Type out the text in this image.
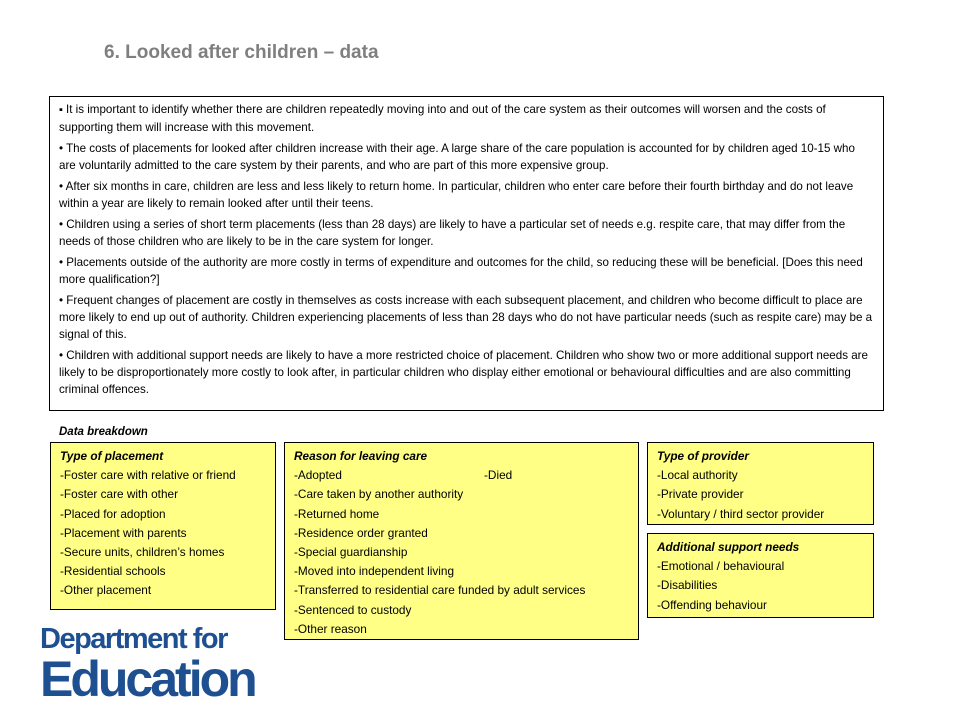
6. Looked after children – data

▪ It is important to identify whether there are children repeatedly moving into and out of the care system as their outcomes will worsen and the costs of supporting them will increase with this movement.

• The costs of placements for looked after children increase with their age. A large share of the care population is accounted for by children aged 10-15 who are voluntarily admitted to the care system by their parents, and who are part of this more expensive group.

• After six months in care, children are less and less likely to return home. In particular, children who enter care before their fourth birthday and do not leave within a year are likely to remain looked after until their teens.

• Children using a series of short term placements (less than 28 days) are likely to have a particular set of needs e.g. respite care, that may differ from the needs of those children who are likely to be in the care system for longer.

• Placements outside of the authority are more costly in terms of expenditure and outcomes for the child, so reducing these will be beneficial. [Does this need more qualification?]

• Frequent changes of placement are costly in themselves as costs increase with each subsequent placement, and children who become difficult to place are more likely to end up out of authority. Children experiencing placements of less than 28 days who do not have particular needs (such as respite care) may be a signal of this.

• Children with additional support needs are likely to have a more restricted choice of placement. Children who show two or more additional support needs are likely to be disproportionately more costly to look after, in particular children who display either emotional or behavioural difficulties and are also committing criminal offences.

Data breakdown
Type of placement
-Foster care with relative or friend
-Foster care with other
-Placed for adoption
-Placement with parents
-Secure units, children’s homes
-Residential schools
-Other placement
Reason for leaving care
-Adopted	-Died
-Care taken by another authority
-Returned home
-Residence order granted
-Special guardianship
-Moved into independent living
-Transferred to residential care funded by adult services
-Sentenced to custody
-Other reason
Type of provider
-Local authority
-Private provider
-Voluntary / third sector provider
Additional support needs
-Emotional / behavioural
-Disabilities
-Offending behaviour
Department for
Education
